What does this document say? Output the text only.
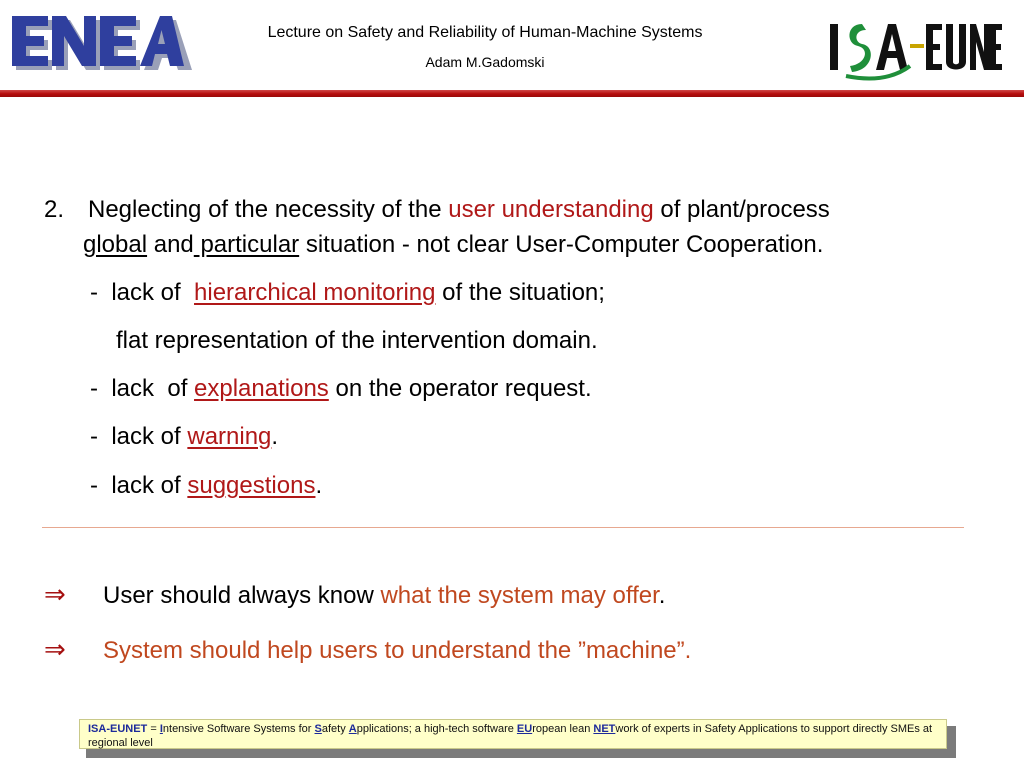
ENEA
Lecture on Safety and Reliability of Human-Machine Systems
Adam M.Gadomski
ISA-EUNET
2. Neglecting of the necessity of the user understanding of plant/process
global and particular situation - not clear User-Computer Cooperation.
-  lack of  hierarchical monitoring of the situation;
flat representation of the intervention domain.
-  lack  of explanations on the operator request.
-  lack of warning.
-  lack of suggestions.
⇒ User should always know what the system may offer.
⇒ System should help users to understand the ”machine”.
ISA-EUNET = Intensive Software Systems for Safety Applications; a high-tech software EUropean lean NETwork of experts in Safety Applications to support directly SMEs at regional level
